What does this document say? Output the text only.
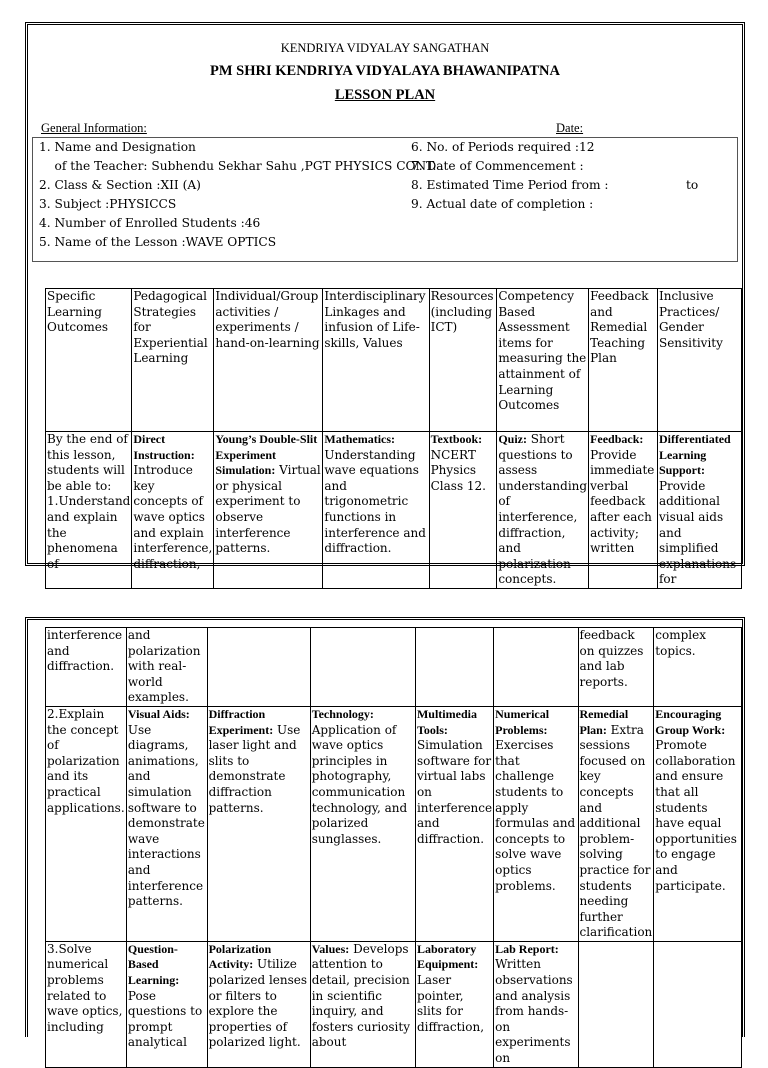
KENDRIYA VIDYALAY SANGATHAN
PM SHRI KENDRIYA VIDYALAYA BHAWANIPATNA
LESSON PLAN
General Information:	Date:
1. Name and Designation
of the Teacher: Subhendu Sekhar Sahu ,PGT PHYSICS CONT.
2. Class & Section :XII (A)
3. Subject :PHYSICCS
4. Number of Enrolled Students :46
5. Name of the Lesson :WAVE OPTICS
6. No. of Periods required :12
7. Date of Commencement :
8. Estimated Time Period from :                    to
9. Actual date of completion :
Specific Learning Outcomes	Pedagogical Strategies for Experiential Learning	Individual/Group activities / experiments / hand-on-learning	Interdisciplinary Linkages and infusion of Life-skills, Values	Resources (including ICT)	Competency Based Assessment items for measuring the attainment of Learning Outcomes	Feedback and Remedial Teaching Plan	Inclusive Practices/ Gender Sensitivity
By the end of this lesson, students will be able to: 1.Understand and explain the phenomena of	Direct Instruction: Introduce key concepts of wave optics and explain interference, diffraction,	Young’s Double-Slit Experiment Simulation: Virtual or physical experiment to observe interference patterns.	Mathematics: Understanding wave equations and trigonometric functions in interference and diffraction.	Textbook: NCERT Physics Class 12.	Quiz: Short questions to assess understanding of interference, diffraction, and polarization concepts.	Feedback: Provide immediate verbal feedback after each activity; written	Differentiated Learning Support: Provide additional visual aids and simplified explanations for
interference and diffraction.	and polarization with real-world examples.					feedback on quizzes and lab reports.	complex topics.
2.Explain the concept of polarization and its practical applications.	Visual Aids: Use diagrams, animations, and simulation software to demonstrate wave interactions and interference patterns.	Diffraction Experiment: Use laser light and slits to demonstrate diffraction patterns.	Technology: Application of wave optics principles in photography, communication technology, and polarized sunglasses.	Multimedia Tools: Simulation software for virtual labs on interference and diffraction.	Numerical Problems: Exercises that challenge students to apply formulas and concepts to solve wave optics problems.	Remedial Plan: Extra sessions focused on key concepts and additional problem-solving practice for students needing further clarification	Encouraging Group Work: Promote collaboration and ensure that all students have equal opportunities to engage and participate.
3.Solve numerical problems related to wave optics, including	Question-Based Learning: Pose questions to prompt analytical	Polarization Activity: Utilize polarized lenses or filters to explore the properties of polarized light.	Values: Develops attention to detail, precision in scientific inquiry, and fosters curiosity about	Laboratory Equipment: Laser pointer, slits for diffraction,	Lab Report: Written observations and analysis from hands-on experiments on		
